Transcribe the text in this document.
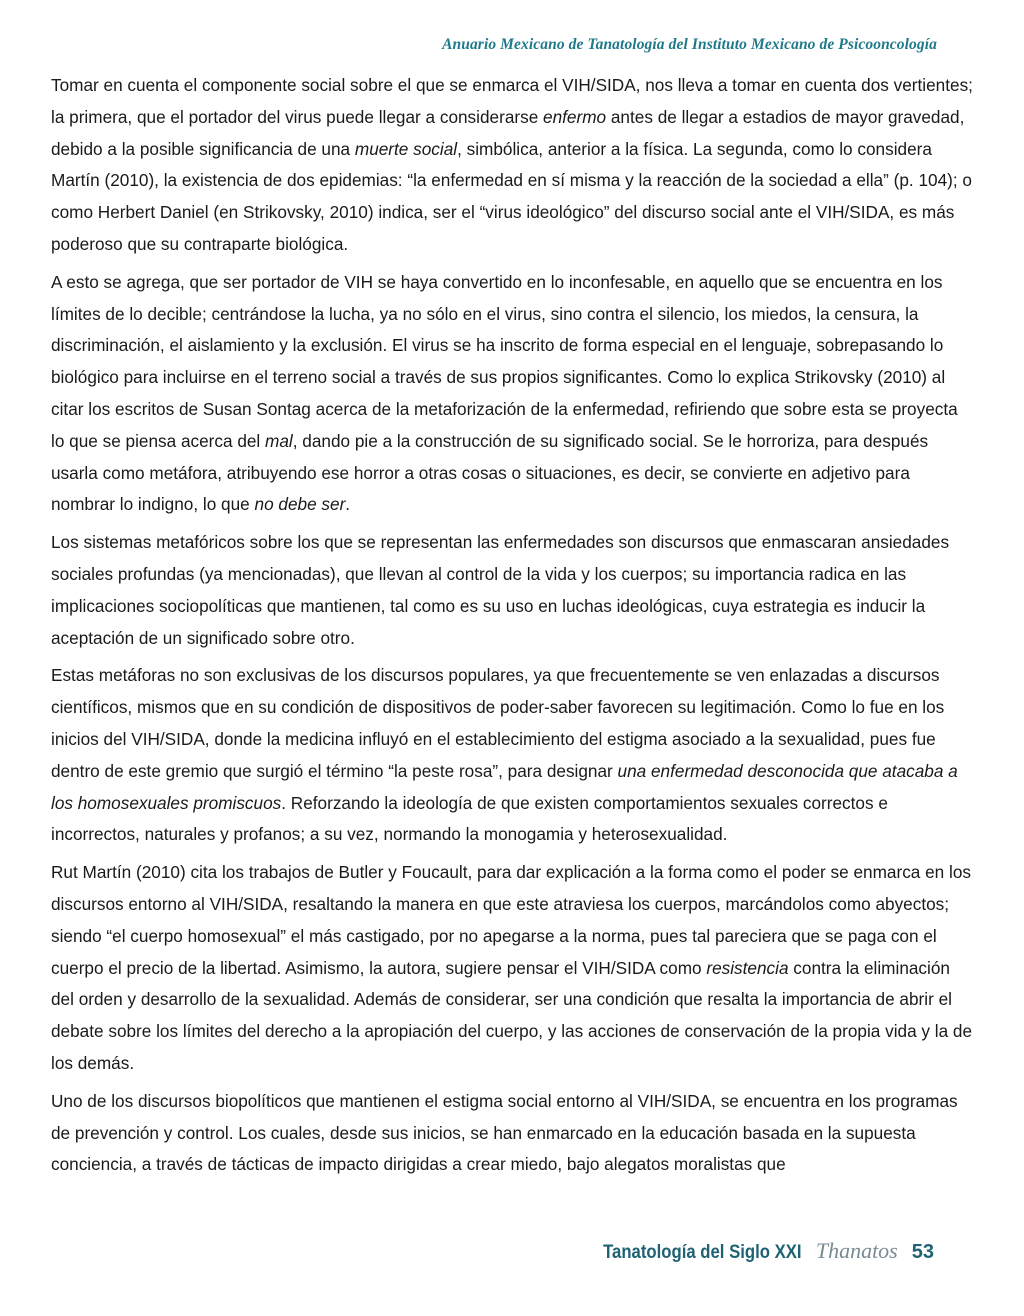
Anuario Mexicano de Tanatología del Instituto Mexicano de Psicooncología

Tomar en cuenta el componente social sobre el que se enmarca el VIH/SIDA, nos lleva a tomar en cuenta dos vertientes; la primera, que el portador del virus puede llegar a considerarse enfermo antes de llegar a estadios de mayor gravedad, debido a la posible significancia de una muerte social, simbólica, anterior a la física. La segunda, como lo considera Martín (2010), la existencia de dos epidemias: “la enfermedad en sí misma y la reacción de la sociedad a ella” (p. 104); o como Herbert Daniel (en Strikovsky, 2010) indica, ser el “virus ideológico” del discurso social ante el VIH/SIDA, es más poderoso que su contraparte biológica.

A esto se agrega, que ser portador de VIH se haya convertido en lo inconfesable, en aquello que se encuentra en los límites de lo decible; centrándose la lucha, ya no sólo en el virus, sino contra el silencio, los miedos, la censura, la discriminación, el aislamiento y la exclusión. El virus se ha inscrito de forma especial en el lenguaje, sobrepasando lo biológico para incluirse en el terreno social a través de sus propios significantes. Como lo explica Strikovsky (2010) al citar los escritos de Susan Sontag acerca de la metaforización de la enfermedad, refiriendo que sobre esta se proyecta lo que se piensa acerca del mal, dando pie a la construcción de su significado social. Se le horroriza, para después usarla como metáfora, atribuyendo ese horror a otras cosas o situaciones, es decir, se convierte en adjetivo para nombrar lo indigno, lo que no debe ser.

Los sistemas metafóricos sobre los que se representan las enfermedades son discursos que enmascaran ansiedades sociales profundas (ya mencionadas), que llevan al control de la vida y los cuerpos; su importancia radica en las implicaciones sociopolíticas que mantienen, tal como es su uso en luchas ideológicas, cuya estrategia es inducir la aceptación de un significado sobre otro.

Estas metáforas no son exclusivas de los discursos populares, ya que frecuentemente se ven enlazadas a discursos científicos, mismos que en su condición de dispositivos de poder-saber favorecen su legitimación. Como lo fue en los inicios del VIH/SIDA, donde la medicina influyó en el establecimiento del estigma asociado a la sexualidad, pues fue dentro de este gremio que surgió el término “la peste rosa”, para designar una enfermedad desconocida que atacaba a los homosexuales promiscuos. Reforzando la ideología de que existen comportamientos sexuales correctos e incorrectos, naturales y profanos; a su vez, normando la monogamia y heterosexualidad.

Rut Martín (2010) cita los trabajos de Butler y Foucault, para dar explicación a la forma como el poder se enmarca en los discursos entorno al VIH/SIDA, resaltando la manera en que este atraviesa los cuerpos, marcándolos como abyectos; siendo “el cuerpo homosexual” el más castigado, por no apegarse a la norma, pues tal pareciera que se paga con el cuerpo el precio de la libertad. Asimismo, la autora, sugiere pensar el VIH/SIDA como resistencia contra la eliminación del orden y desarrollo de la sexualidad. Además de considerar, ser una condición que resalta la importancia de abrir el debate sobre los límites del derecho a la apropiación del cuerpo, y las acciones de conservación de la propia vida y la de los demás.

Uno de los discursos biopolíticos que mantienen el estigma social entorno al VIH/SIDA, se encuentra en los programas de prevención y control. Los cuales, desde sus inicios, se han enmarcado en la educación basada en la supuesta conciencia, a través de tácticas de impacto dirigidas a crear miedo, bajo alegatos moralistas que

Tanatología del Siglo XXI Thanatos 53
